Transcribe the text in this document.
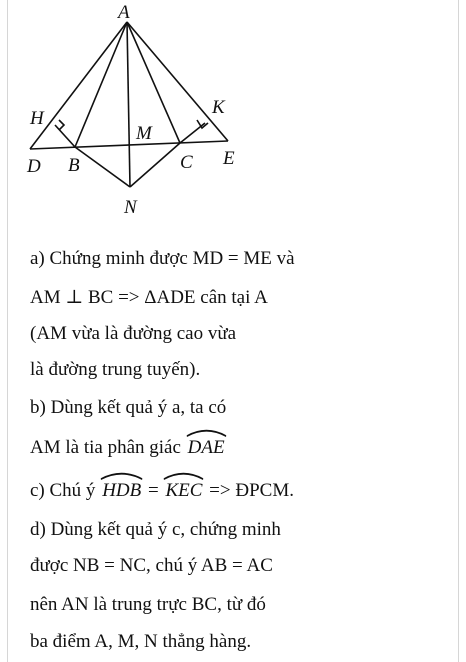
A
H
K
M
D B	C E
N
a) Chứng minh được MD = ME và
AM ⊥ BC => ΔADE cân tại A
(AM vừa là đường cao vừa
là đường trung tuyến).
b) Dùng kết quả ý a, ta có
AM là tia phân giác DAE
c) Chú ý HDB =
KEC => ĐPCM.
d) Dùng kết quả ý c, chứng minh
được NB = NC, chú ý AB = AC
nên AN là trung trực BC, từ đó
ba điểm A, M, N thẳng hàng.
